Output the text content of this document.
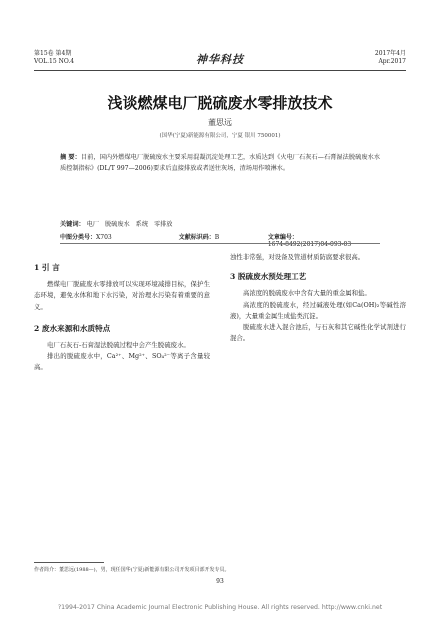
第15卷 第4期
VOL.15 NO.4	神华科技	2017年4月
Apr.2017
浅谈燃煤电厂脱硫废水零排放技术
董思远
(国华(宁夏)新能源有限公司，宁夏 银川 750001)
摘 要：目前，国内外燃煤电厂脱硫废水主要采用混凝沉淀处理工艺，水质达到《火电厂石灰石—石膏湿法脱硫废水水质控制指标》(DL/T 997—2006)要求后直接排放或者送往灰场，渣场用作喷淋水。
关键词： 电厂 脱硫废水 系统 零排放
中图分类号：X703	文献标识码：B	文章编号：1674-8492(2017)04-093-03
1 引 言
燃煤电厂脱硫废水零排放可以实现环境减排目标，保护生态环境，避免水体和地下水污染，对治理水污染有着重要的意义。
2 废水来源和水质特点
电厂石灰石-石膏湿法脱硫过程中会产生脱硫废水。
排出的脱硫废水中，Ca²⁺、Mg²⁺、SO₄²⁻等离子含量较高。
浊性非常强，对设备及管道材质防腐要求很高。
3 脱硫废水预处理工艺
高浓度的脱硫废水中含有大量的重金属和盐。
高浓度的脱硫废水，经过碱液处理(如Ca(OH)₂等碱性溶液)，大量重金属生成盐类沉淀。
脱硫废水进入混合池后，与石灰和其它碱性化学试剂进行混合。
作者简介：董思远(1988—)，男，现任国华(宁夏)新能源有限公司开发项目部开发专员。
93
?1994-2017 China Academic Journal Electronic Publishing House. All rights reserved. http://www.cnki.net
